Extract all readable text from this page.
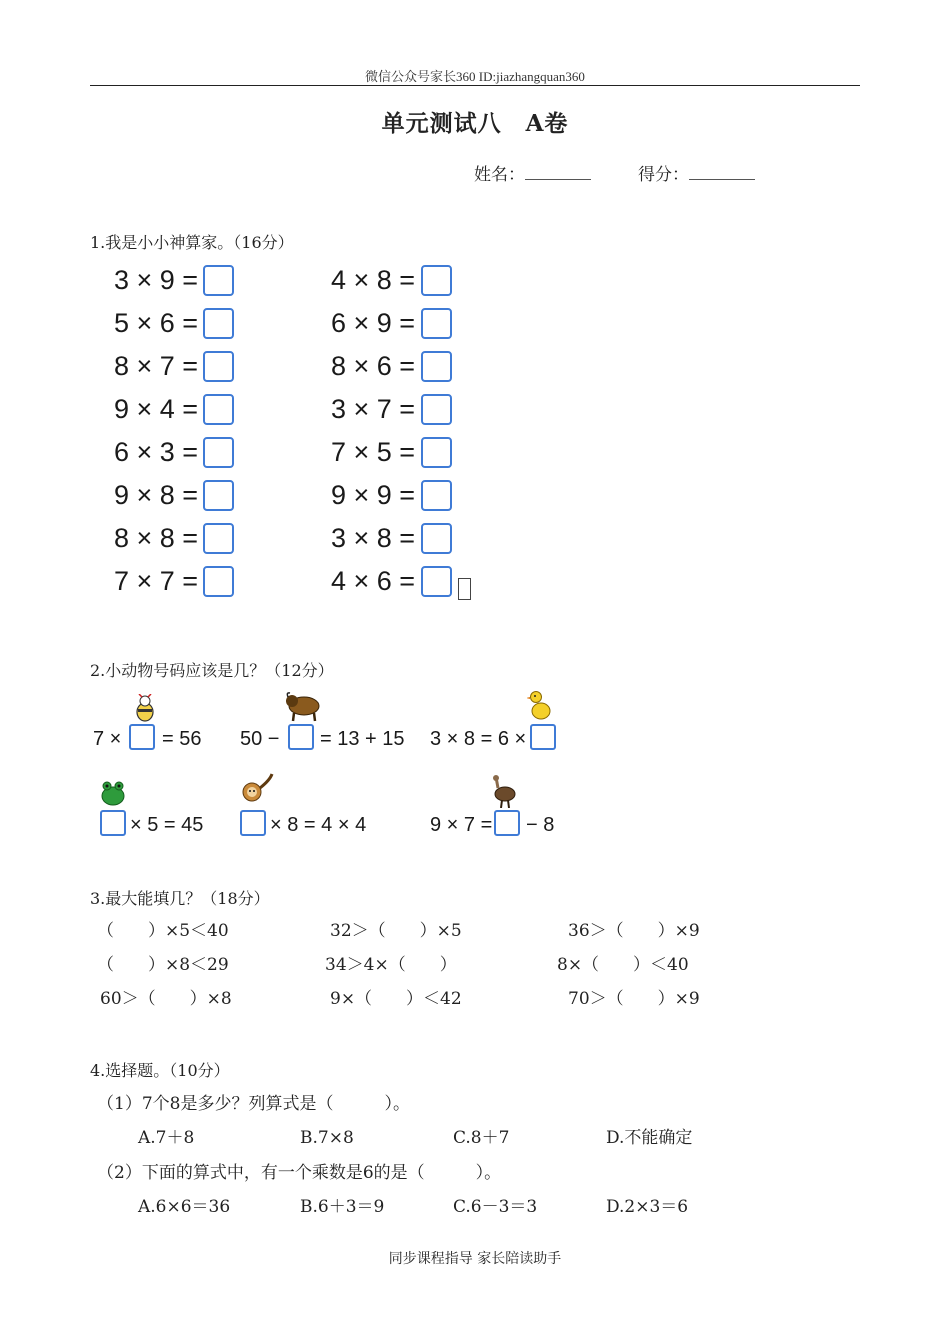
微信公众号家长360 ID:jiazhangquan360
单元测试八　A卷
姓名：	得分：
1.我是小小神算家。（16分）
2.小动物号码应该是几？（12分）
7 × = 56 50 − = 13 + 15 3 × 8 = 6 ×
× 5 = 45	× 8 = 4 × 4	9 × 7 = − 8
3.最大能填几？（18分）
4.选择题。（10分）
（1）7个8是多少？列算式是（　　　）。
（2）下面的算式中，有一个乘数是6的是（　　　）。
同步课程指导 家长陪读助手
3 × 9 =	4 × 8 =
5 × 6 =	6 × 9 =
8 × 7 =	8 × 6 =
9 × 4 =	3 × 7 =
6 × 3 =	7 × 5 =
9 × 8 =	9 × 9 =
8 × 8 =	3 × 8 =
7 × 7 =	4 × 6 =
（　　）×5＜40	32＞（　　）×5	36＞（　　）×9
（　　）×8＜29	34＞4×（　　）	8×（　　）＜40
60＞（　　）×8	9×（　　）＜42	70＞（　　）×9
A.7＋8	B.7×8	C.8＋7	D.不能确定
A.6×6＝36	B.6＋3＝9	C.6－3＝3	D.2×3＝6
